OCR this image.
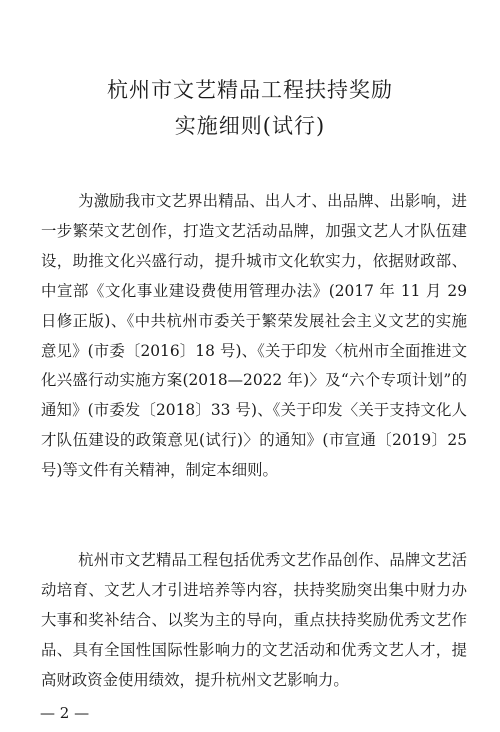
杭州市文艺精品工程扶持奖励
实施细则(试行)
为激励我市文艺界出精品、出人才、出品牌、出影响，进一步繁荣文艺创作，打造文艺活动品牌，加强文艺人才队伍建设，助推文化兴盛行动，提升城市文化软实力，依据财政部、中宣部《文化事业建设费使用管理办法》(2017 年 11 月 29 日修正版)、《中共杭州市委关于繁荣发展社会主义文艺的实施意见》(市委〔2016〕18 号)、《关于印发〈杭州市全面推进文化兴盛行动实施方案(2018—2022 年)〉及“六个专项计划”的通知》(市委发〔2018〕33 号)、《关于印发〈关于支持文化人才队伍建设的政策意见(试行)〉的通知》(市宣通〔2019〕25 号)等文件有关精神，制定本细则。
杭州市文艺精品工程包括优秀文艺作品创作、品牌文艺活动培育、文艺人才引进培养等内容，扶持奖励突出集中财力办大事和奖补结合、以奖为主的导向，重点扶持奖励优秀文艺作品、具有全国性国际性影响力的文艺活动和优秀文艺人才，提高财政资金使用绩效，提升杭州文艺影响力。
— 2 —
